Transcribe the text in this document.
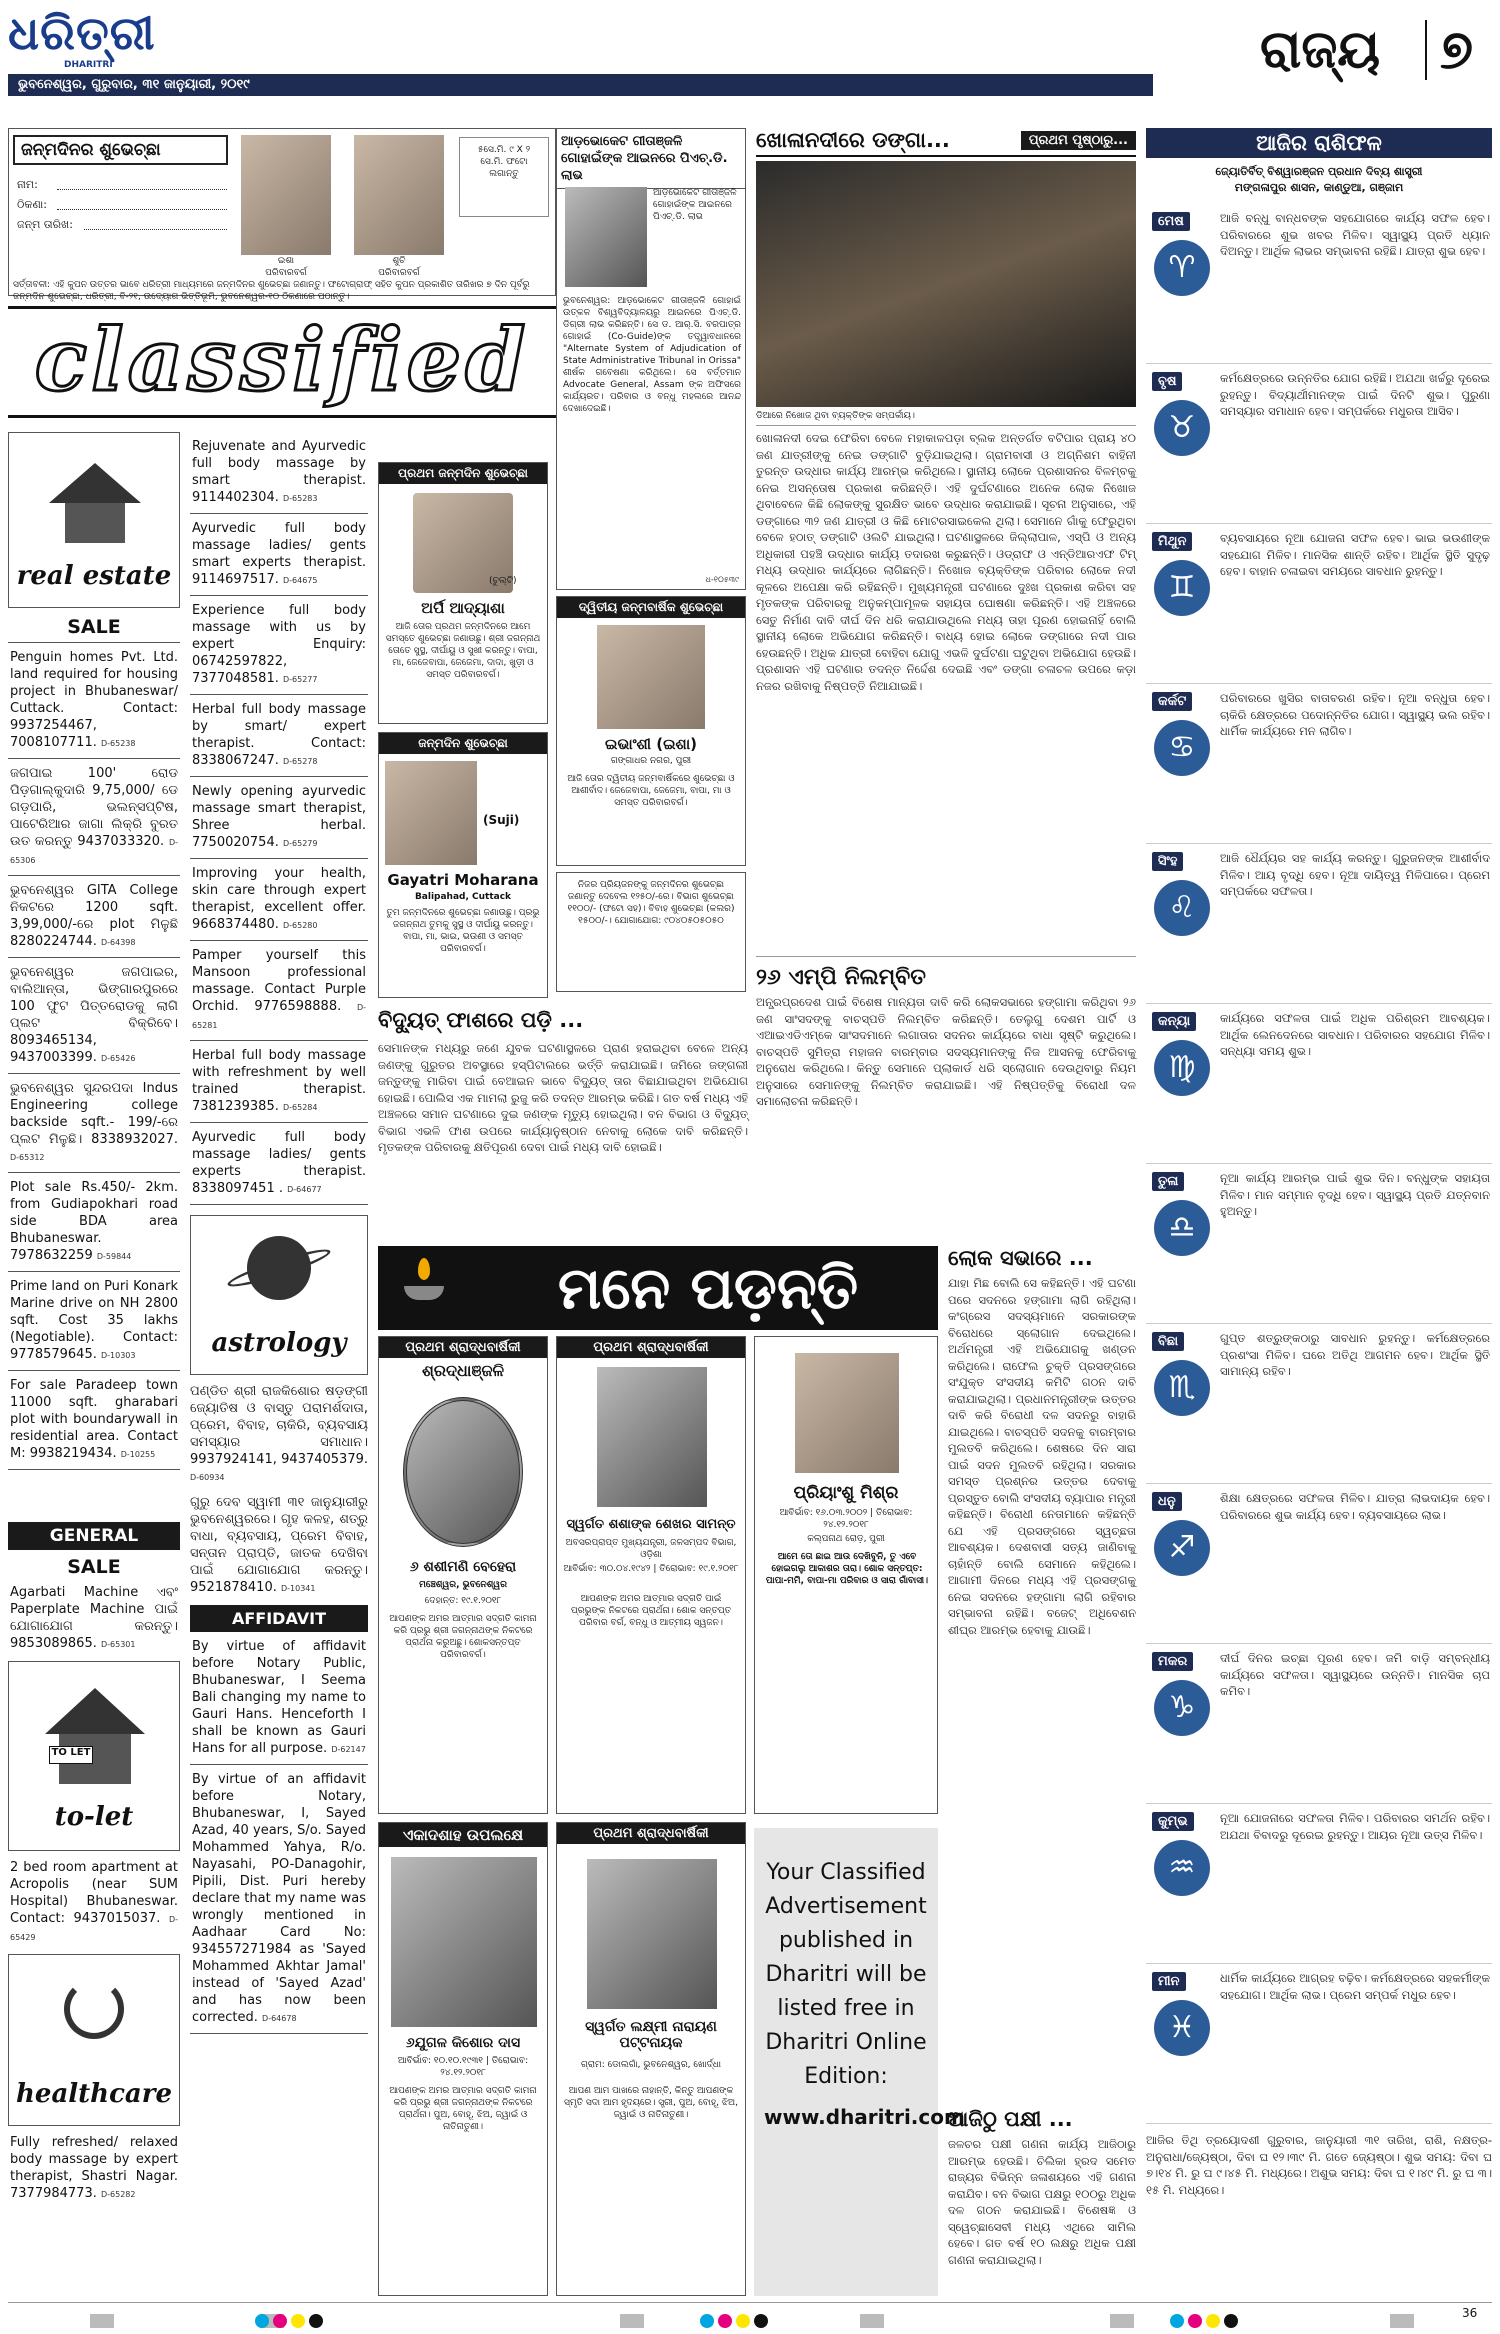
ଧରିତ୍ରୀ
DHARITRI
ଭୁବନେଶ୍ୱର, ଗୁରୁବାର, ୩୧ ଜାନୁୟାରୀ, ୨୦୧୯
ରାଜ୍ୟ ୭
ଜନ୍ମଦିନର ଶୁଭେଚ୍ଛା
ନାମ:
ଠିକଣା:
ଜନ୍ମ ତାରିଖ:
ଇଶା
ପରିବାରବର୍ଗ
ଶୁଚି
ପରିବାରବର୍ଗ
୫ସେ.ମି. ୯ X ୨ ସେ.ମି. ଫଟୋ ଲଗାନ୍ତୁ
ସର୍ତ୍ତାବଳୀ: ଏହି କୁପନ ଉତ୍ତର ଭାବେ ଧରିତ୍ରୀ ମାଧ୍ୟମରେ ଜନ୍ମଦିନର ଶୁଭେଚ୍ଛା ଜଣାନ୍ତୁ। ଫଟୋଗ୍ରାଫ୍ ସହିତ କୁପନ ପ୍ରକାଶିତ ତାରିଖର ୭ ଦିନ ପୂର୍ବରୁ ଜନ୍ମଦିନ ଶୁଭେଚ୍ଛା, ଧରିତ୍ରୀ, ବି-୨୧, ଉଦ୍ୟୋଗ ଭିତ୍ତିଭୂମି, ଭୁବନେଶ୍ୱର-୧୦ ଠିକଣାରେ ପଠାନ୍ତୁ।
classified
real estate
SALE
Penguin homes Pvt. Ltd. land required for housing project in Bhubaneswar/ Cuttack. Contact: 9937254467, 7008107711. D-65238
ଜଗପାଇ 100' ରୋଡ ପିଡ଼ଗାଲ୍କୁଦାରି 9,75,000/ ଡେ ଗଡ଼ପାରି, ଭଲନ୍ସପ୍ଟିଷ, ପାଟେରିଆର ଜାଗା ଲିକ୍ରି ବୁରତ ଉତ କରନ୍ତୁ 9437033320. D-65306
ଭୁବନେଶ୍ୱର GITA College ନିକଟରେ 1200 sqft. 3,99,000/-ରେ plot ମିଳୁଛି 8280224744. D-64398
ଭୁବନେଶ୍ୱର ଜଗପାଇର, ବାଲିଆନ୍ତା, ଭିଙ୍ଗାରପୁରରେ 100 ଫୁଟ ପିତ୍ତରୋଡକୁ ଲାଗି ପ୍ଲଟ ବିକ୍ରିବେ। 8093465134, 9437003399. D-65426
ଭୁବନେଶ୍ୱର ସୁନ୍ଦରପଦା Indus Engineering college backside sqft.- 199/-ରେ ପ୍ଲଟ ମିଳୁଛି। 8338932027. D-65312
Plot sale Rs.450/- 2km. from Gudiapokhari road side BDA area Bhubaneswar. 7978632259 D-59844
Prime land on Puri Konark Marine drive on NH 2800 sqft. Cost 35 lakhs (Negotiable). Contact: 9778579645. D-10303
For sale Paradeep town 11000 sqft. gharabari plot with boundarywall in residential area. Contact M: 9938219434. D-10255
GENERAL
SALE
Agarbati Machine ଏବଂ Paperplate Machine ପାଇଁ ଯୋଗାଯୋଗ କରନ୍ତୁ। 9853089865. D-65301
TO LET
to-let
2 bed room apartment at Acropolis (near SUM Hospital) Bhubaneswar. Contact: 9437015037. D-65429
healthcare
Fully refreshed/ relaxed body massage by expert therapist, Shastri Nagar. 7377984773. D-65282
Rejuvenate and Ayurvedic full body massage by smart therapist. 9114402304. D-65283
Ayurvedic full body massage ladies/ gents smart experts therapist. 9114697517. D-64675
Experience full body massage with us by expert Enquiry: 06742597822, 7377048581. D-65277
Herbal full body massage by smart/ expert therapist. Contact: 8338067247. D-65278
Newly opening ayurvedic massage smart therapist, Shree herbal. 7750020754. D-65279
Improving your health, skin care through expert therapist, excellent offer. 9668374480. D-65280
Pamper yourself this Mansoon professional massage. Contact Purple Orchid. 9776598888. D-65281
Herbal full body massage with refreshment by well trained therapist. 7381239385. D-65284
Ayurvedic full body massage ladies/ gents experts therapist. 8338097451 . D-64677
astrology
ପଣ୍ଡିତ ଶ୍ରୀ ରାଜକିଶୋର ଷଡ଼ଙ୍ଗୀ ଜ୍ୟୋତିଷ ଓ ବାସ୍ତୁ ପରାମର୍ଶଦାତା, ପ୍ରେମ, ବିବାହ, ଚାକିରି, ବ୍ୟବସାୟ ସମସ୍ୟାର ସମାଧାନ। 9937924141, 9437405379. D-60934
ଗୁରୁ ଦେବ ସ୍ୱାମୀ ୩୧ ଜାନୁୟାରୀରୁ ଭୁବନେଶ୍ୱରରେ। ଗୃହ କଳହ, ଶତ୍ରୁ ବାଧା, ବ୍ୟବସାୟ, ପ୍ରେମ ବିବାହ, ସନ୍ତାନ ପ୍ରାପ୍ତି, ଜାତକ ଦେଖିବା ପାଇଁ ଯୋଗାଯୋଗ କରନ୍ତୁ। 9521878410. D-10341
AFFIDAVIT
By virtue of affidavit before Notary Public, Bhubaneswar, I Seema Bali changing my name to Gauri Hans. Henceforth I shall be known as Gauri Hans for all purpose. D-62147
By virtue of an affidavit before Notary, Bhubaneswar, I, Sayed Azad, 40 years, S/o. Sayed Mohammed Yahya, R/o. Nayasahi, PO-Danagohir, Pipili, Dist. Puri hereby declare that my name was wrongly mentioned in Aadhaar Card No: 934557271984 as 'Sayed Mohammed Akhtar Jamal' instead of 'Sayed Azad' and has now been corrected. D-64678
ପ୍ରଥମ ଜନ୍ମଦିନ ଶୁଭେଚ୍ଛା
(ଚୁଲ୍ଟି)
ଅର୍ପି ଆଦ୍ୟାଶା
ଆଜି ତୋର ପ୍ରଥମ ଜନ୍ମଦିନରେ ଆମେ ସମସ୍ତେ ଶୁଭେଚ୍ଛା ଜଣାଉଛୁ। ଶ୍ରୀ ଜଗନ୍ନାଥ ତୋତେ ସୁସ୍ଥ, ଦୀର୍ଘାୟୁ ଓ ସୁଖୀ କରନ୍ତୁ। ବାପା, ମା, ଜେଜେବାପା, ଜେଜେମା, ଦାଦା, ଖୁଡ଼ୀ ଓ ସମସ୍ତ ପରିବାରବର୍ଗ।
ଜନ୍ମଦିନ ଶୁଭେଚ୍ଛା
(Suji)
Gayatri Moharana
Balipahad, Cuttack
ତୁମ ଜନ୍ମଦିନରେ ଶୁଭେଚ୍ଛା ଜଣାଉଛୁ। ପ୍ରଭୁ ଜଗନ୍ନାଥ ତୁମକୁ ସୁସ୍ଥ ଓ ଦୀର୍ଘାୟୁ କରନ୍ତୁ। ବାପା, ମା, ଭାଇ, ଭଉଣୀ ଓ ସମସ୍ତ ପରିବାରବର୍ଗ।
ଆଡ଼ଭୋକେଟ ଗୀତାଞ୍ଜଳି ଗୋହାଇଁଙ୍କ ଆଇନରେ ପିଏଚ୍.ଡି. ଲାଭ
ଆଡ଼ଭୋକେଟ ଗୀତାଞ୍ଜଳି ଗୋହାଇଁଙ୍କ ଆଇନରେ ପିଏଚ୍.ଡି. ଲାଭ
ଭୁବନେଶ୍ୱର: ଆଡ଼ଭୋକେଟ ଗୀତାଞ୍ଜଳି ଗୋହାଇଁ ଉତ୍କଳ ବିଶ୍ୱବିଦ୍ୟାଳୟରୁ ଆଇନରେ ପିଏଚ୍.ଡି. ଡିଗ୍ରୀ ଲାଭ କରିଛନ୍ତି। ସେ ଡ. ଆର୍.ସି. ବରପାତ୍ର ଗୋହାଇଁ (Co-Guide)ଙ୍କ ତତ୍ତ୍ୱାବଧାନରେ "Alternate System of Adjudication of State Administrative Tribunal in Orissa" ଶୀର୍ଷକ ଗବେଷଣା କରିଥିଲେ। ସେ ବର୍ତ୍ତମାନ Advocate General, Assam ଙ୍କ ଅଫିସରେ କାର୍ଯ୍ୟରତ। ପରିବାର ଓ ବନ୍ଧୁ ମହଲରେ ଆନନ୍ଦ ଦେଖାଦେଇଛି।
ଧ-୧୦୫୩୯
ଦ୍ୱିତୀୟ ଜନ୍ମବାର୍ଷିକ ଶୁଭେଚ୍ଛା
ଇଭାଂଶୀ (ଇଶା)
ଗଙ୍ଗାଧର ନଗର, ପୁରୀ
ଆଜି ତୋର ଦ୍ୱିତୀୟ ଜନ୍ମବାର୍ଷିକରେ ଶୁଭେଚ୍ଛା ଓ ଆଶୀର୍ବାଦ। ଜେଜେବାପା, ଜେଜେମା, ବାପା, ମା ଓ ସମସ୍ତ ପରିବାରବର୍ଗ।
ନିଜର ପ୍ରିୟଜନଙ୍କୁ ଜନ୍ମଦିନର ଶୁଭେଚ୍ଛା ଜଣାନ୍ତୁ ଦେବେଲ ୧୨୫୦/-ରେ। ବିଭାଗ ଶୁଭେଚ୍ଛା ୧୧୦୦/- (ଫଟୋ ସହ)। ବିବାହ ଶୁଭେଚ୍ଛା (କଲର) ୧୫୦୦/-। ଯୋଗାଯୋଗ: ୯୦୪୦୫୦୫୦୫୦
ଖୋଳାନଦୀରେ ଡଙ୍ଗା...	ପ୍ରଥମ ପୃଷ୍ଠାରୁ...
ଡିଆରେ ନିଖୋଜ ଥିବା ବ୍ୟକ୍ତିଙ୍କ ସମ୍ପର୍କୀୟ।
ଖୋଳାନଦୀ ଦେଇ ଫେରିବା ବେଳେ ମହାକାଳପଡ଼ା ବ୍ଲକ ଅନ୍ତର୍ଗତ ବଟିପାର ପ୍ରାୟ ୪୦ ଜଣ ଯାତ୍ରୀଙ୍କୁ ନେଇ ଡଙ୍ଗାଟି ବୁଡ଼ିଯାଇଥିଲା। ଗ୍ରାମବାସୀ ଓ ଅଗ୍ନିଶମ ବାହିନୀ ତୁରନ୍ତ ଉଦ୍ଧାର କାର୍ଯ୍ୟ ଆରମ୍ଭ କରିଥିଲେ। ସ୍ଥାନୀୟ ଲୋକେ ପ୍ରଶାସନର ବିଳମ୍ବକୁ ନେଇ ଅସନ୍ତୋଷ ପ୍ରକାଶ କରିଛନ୍ତି। ଏହି ଦୁର୍ଘଟଣାରେ ଅନେକ ଲୋକ ନିଖୋଜ ଥିବାବେଳେ କିଛି ଲୋକଙ୍କୁ ସୁରକ୍ଷିତ ଭାବେ ଉଦ୍ଧାର କରାଯାଇଛି। ସୂଚନା ଅନୁସାରେ, ଏହି ଡଙ୍ଗାରେ ୩୨ ଜଣ ଯାତ୍ରୀ ଓ କିଛି ମୋଟରସାଇକେଲ ଥିଲା। ସେମାନେ ଗାଁକୁ ଫେରୁଥିବା ବେଳେ ହଠାତ୍ ଡଙ୍ଗାଟି ଓଲଟି ଯାଇଥିଲା। ଘଟଣାସ୍ଥଳରେ ଜିଲ୍ଲାପାଳ, ଏସ୍ପି ଓ ଅନ୍ୟ ଅଧିକାରୀ ପହଞ୍ଚି ଉଦ୍ଧାର କାର୍ଯ୍ୟ ତଦାରଖ କରୁଛନ୍ତି। ଓଡ୍ରାଫ ଓ ଏନ୍ଡିଆରଏଫ ଟିମ୍ ମଧ୍ୟ ଉଦ୍ଧାର କାର୍ଯ୍ୟରେ ଲାଗିଛନ୍ତି। ନିଖୋଜ ବ୍ୟକ୍ତିଙ୍କ ପରିବାର ଲୋକେ ନଦୀ କୂଳରେ ଅପେକ୍ଷା କରି ରହିଛନ୍ତି। ମୁଖ୍ୟମନ୍ତ୍ରୀ ଘଟଣାରେ ଦୁଃଖ ପ୍ରକାଶ କରିବା ସହ ମୃତକଙ୍କ ପରିବାରକୁ ଅନୁକମ୍ପାମୂଳକ ସହାୟତା ଘୋଷଣା କରିଛନ୍ତି। ଏହି ଅଞ୍ଚଳରେ ସେତୁ ନିର୍ମାଣ ଦାବି ଦୀର୍ଘ ଦିନ ଧରି କରାଯାଉଥିଲେ ମଧ୍ୟ ତାହା ପୂରଣ ହୋଇନାହିଁ ବୋଲି ସ୍ଥାନୀୟ ଲୋକେ ଅଭିଯୋଗ କରିଛନ୍ତି। ବାଧ୍ୟ ହୋଇ ଲୋକେ ଡଙ୍ଗାରେ ନଦୀ ପାର ହେଉଛନ୍ତି। ଅଧିକ ଯାତ୍ରୀ ବୋହିବା ଯୋଗୁ ଏଭଳି ଦୁର୍ଘଟଣା ଘଟୁଥିବା ଅଭିଯୋଗ ହେଉଛି। ପ୍ରଶାସନ ଏହି ଘଟଣାର ତଦନ୍ତ ନିର୍ଦ୍ଦେଶ ଦେଇଛି ଏବଂ ଡଙ୍ଗା ଚଳାଚଳ ଉପରେ କଡ଼ା ନଜର ରଖିବାକୁ ନିଷ୍ପତ୍ତି ନିଆଯାଇଛି।
୨୬ ଏମ୍ପି ନିଲମ୍ବିତ
ଅନ୍ଧ୍ରପ୍ରଦେଶ ପାଇଁ ବିଶେଷ ମାନ୍ୟତା ଦାବି କରି ଲୋକସଭାରେ ହଙ୍ଗାମା କରିଥିବା ୨୬ ଜଣ ସାଂସଦଙ୍କୁ ବାଚସ୍ପତି ନିଲମ୍ବିତ କରିଛନ୍ତି। ତେଲୁଗୁ ଦେଶମ ପାର୍ଟି ଓ ଏଆଇଏଡିଏମ୍କେ ସାଂସଦମାନେ ଲଗାତାର ସଦନର କାର୍ଯ୍ୟରେ ବାଧା ସୃଷ୍ଟି କରୁଥିଲେ। ବାଚସ୍ପତି ସୁମିତ୍ରା ମହାଜନ ବାରମ୍ବାର ସଦସ୍ୟମାନଙ୍କୁ ନିଜ ଆସନକୁ ଫେରିବାକୁ ଅନୁରୋଧ କରିଥିଲେ। କିନ୍ତୁ ସେମାନେ ପ୍ଲାକାର୍ଡ ଧରି ସ୍ଲୋଗାନ ଦେଉଥିବାରୁ ନିୟମ ଅନୁସାରେ ସେମାନଙ୍କୁ ନିଲମ୍ବିତ କରାଯାଇଛି। ଏହି ନିଷ୍ପତ୍ତିକୁ ବିରୋଧୀ ଦଳ ସମାଲୋଚନା କରିଛନ୍ତି।
ବିଦ୍ୟୁତ୍ ଫାଶରେ ପଡ଼ି ...
ସେମାନଙ୍କ ମଧ୍ୟରୁ ଜଣେ ଯୁବକ ଘଟଣାସ୍ଥଳରେ ପ୍ରାଣ ହରାଇଥିବା ବେଳେ ଅନ୍ୟ ଜଣଙ୍କୁ ଗୁରୁତର ଅବସ୍ଥାରେ ହସ୍ପିଟାଲରେ ଭର୍ତ୍ତି କରାଯାଇଛି। ଜମିରେ ଜଙ୍ଗଲୀ ଜନ୍ତୁଙ୍କୁ ମାରିବା ପାଇଁ ବେଆଇନ ଭାବେ ବିଦ୍ୟୁତ୍ ତାର ବିଛାଯାଇଥିବା ଅଭିଯୋଗ ହୋଇଛି। ପୋଲିସ ଏକ ମାମଲା ରୁଜୁ କରି ତଦନ୍ତ ଆରମ୍ଭ କରିଛି। ଗତ ବର୍ଷ ମଧ୍ୟ ଏହି ଅଞ୍ଚଳରେ ସମାନ ଘଟଣାରେ ଦୁଇ ଜଣଙ୍କ ମୃତ୍ୟୁ ହୋଇଥିଲା। ବନ ବିଭାଗ ଓ ବିଦ୍ୟୁତ୍ ବିଭାଗ ଏଭଳି ଫାଶ ଉପରେ କାର୍ଯ୍ୟାନୁଷ୍ଠାନ ନେବାକୁ ଲୋକେ ଦାବି କରିଛନ୍ତି। ମୃତକଙ୍କ ପରିବାରକୁ କ୍ଷତିପୂରଣ ଦେବା ପାଇଁ ମଧ୍ୟ ଦାବି ହୋଇଛି।
ମନେ ପଡ଼ନ୍ତି
ପ୍ରଥମ ଶ୍ରାଦ୍ଧବାର୍ଷିକୀ
ଶ୍ରଦ୍ଧାଞ୍ଜଳି
୬ ଶଶୀମଣି ବେହେରା
ମଞ୍ଚେଶ୍ୱର, ଭୁବନେଶ୍ୱର
ଦେହାନ୍ତ: ୧୯.୧.୨୦୧୮
ଆପଣଙ୍କ ଅମର ଆତ୍ମାର ସଦ୍ଗତି କାମନା କରି ପ୍ରଭୁ ଶ୍ରୀ ଜଗନ୍ନାଥଙ୍କ ନିକଟରେ ପ୍ରାର୍ଥନା କରୁଅଛୁ। ଶୋକସନ୍ତପ୍ତ ପରିବାରବର୍ଗ।
ପ୍ରଥମ ଶ୍ରାଦ୍ଧବାର୍ଷିକୀ
ସ୍ୱର୍ଗତ ଶଶାଙ୍କ ଶେଖର ସାମନ୍ତ
ଅବସରପ୍ରାପ୍ତ ମୁଖ୍ୟଯନ୍ତ୍ରୀ, ଜଳସମ୍ପଦ ବିଭାଗ, ଓଡ଼ିଶା
ଆବିର୍ଭାବ: ୩୦.୦୪.୧୯୪୨ | ତିରୋଭାବ: ୧୯.୧.୨୦୧୮
ଆପଣଙ୍କ ଅମର ଆତ୍ମାର ସଦ୍ଗତି ପାଇଁ ପ୍ରଭୁଙ୍କ ନିକଟରେ ପ୍ରାର୍ଥନା। ଶୋକ ସନ୍ତପ୍ତ ପରିବାର ବର୍ଗ, ବନ୍ଧୁ ଓ ଆତ୍ମୀୟ ସ୍ୱଜନ।
ପ୍ରିୟାଂଶୁ ମିଶ୍ର
ଆବିର୍ଭାବ: ୧୬.୦୩.୨୦୦୨ | ତିରୋଭାବ: ୨୪.୧୨.୨୦୧୮
କଲ୍ପନାଥ ରୋଡ଼, ପୁରୀ
ଆମେ ତୋ ଛାଇ ଆଉ ଦେଖିବୁନି, ତୁ ଏବେ ହୋଇଗଲୁ ଆକାଶର ତାରା। ଶୋକ ସନ୍ତପ୍ତ: ପାପା-ମମି, ବାପା-ମା ପରିବାର ଓ ସାରା ଗାଁବାସୀ।
ଏକାଦଶାହ ଉପଲକ୍ଷେ
୬ଯୁଗଳ କିଶୋର ଦାସ
ଆବିର୍ଭାବ: ୧୦.୧୦.୧୯୩୧ | ତିରୋଭାବ: ୨୪.୧୨.୨୦୧୮
ଆପଣଙ୍କ ଅମର ଆତ୍ମାର ସଦ୍ଗତି କାମନା କରି ପ୍ରଭୁ ଶ୍ରୀ ଜଗନ୍ନାଥଙ୍କ ନିକଟରେ ପ୍ରାର୍ଥନା। ପୁଅ, ବୋହୂ, ଝିଅ, ଜ୍ୱାଇଁ ଓ ନାତିନାତୁଣୀ।
ପ୍ରଥମ ଶ୍ରାଦ୍ଧବାର୍ଷିକୀ
ସ୍ୱର୍ଗତ ଲକ୍ଷ୍ମୀ ନାରାୟଣ ପଟ୍ଟନାୟକ
ଗ୍ରାମ: ଡୋଲଗାଁ, ଭୁବନେଶ୍ୱର, ଖୋର୍ଦ୍ଧା
ଆପଣ ଆମ ପାଖରେ ନାହାନ୍ତି, କିନ୍ତୁ ଆପଣଙ୍କ ସ୍ମୃତି ସଦା ଆମ ହୃଦୟରେ। ସ୍ତ୍ରୀ, ପୁଅ, ବୋହୂ, ଝିଅ, ଜ୍ୱାଇଁ ଓ ନାତିନାତୁଣୀ।
Your Classified Advertisement published in Dharitri will be listed free in Dharitri Online Edition:
www.dharitri.com
ଲୋକ ସଭାରେ ...
ଯାହା ମିଛ ବୋଲି ସେ କହିଛନ୍ତି। ଏହି ଘଟଣା ପରେ ସଦନରେ ହଙ୍ଗାମା ଲାଗି ରହିଥିଲା। କଂଗ୍ରେସ ସଦସ୍ୟମାନେ ସରକାରଙ୍କ ବିରୋଧରେ ସ୍ଲୋଗାନ ଦେଇଥିଲେ। ଅର୍ଥମନ୍ତ୍ରୀ ଏହି ଅଭିଯୋଗକୁ ଖଣ୍ଡନ କରିଥିଲେ। ରାଫେଲ ଚୁକ୍ତି ପ୍ରସଙ୍ଗରେ ସଂଯୁକ୍ତ ସଂସଦୀୟ କମିଟି ଗଠନ ଦାବି କରାଯାଇଥିଲା। ପ୍ରଧାନମନ୍ତ୍ରୀଙ୍କ ଉତ୍ତର ଦାବି କରି ବିରୋଧୀ ଦଳ ସଦନରୁ ବାହାରି ଯାଇଥିଲେ। ବାଚସ୍ପତି ସଦନକୁ ବାରମ୍ବାର ମୁଲତବି କରିଥିଲେ। ଶେଷରେ ଦିନ ସାରା ପାଇଁ ସଦନ ମୁଲତବି ରହିଥିଲା। ସରକାର ସମସ୍ତ ପ୍ରଶ୍ନର ଉତ୍ତର ଦେବାକୁ ପ୍ରସ୍ତୁତ ବୋଲି ସଂସଦୀୟ ବ୍ୟାପାର ମନ୍ତ୍ରୀ କହିଛନ୍ତି। ବିରୋଧୀ ନେତାମାନେ କହିଛନ୍ତି ଯେ ଏହି ପ୍ରସଙ୍ଗରେ ସ୍ୱଚ୍ଛତା ଆବଶ୍ୟକ। ଦେଶବାସୀ ସତ୍ୟ ଜାଣିବାକୁ ଚାହାଁନ୍ତି ବୋଲି ସେମାନେ କହିଥିଲେ। ଆଗାମୀ ଦିନରେ ମଧ୍ୟ ଏହି ପ୍ରସଙ୍ଗକୁ ନେଇ ସଦନରେ ହଙ୍ଗାମା ଲାଗି ରହିବାର ସମ୍ଭାବନା ରହିଛି। ବଜେଟ୍ ଅଧିବେଶନ ଶୀଘ୍ର ଆରମ୍ଭ ହେବାକୁ ଯାଉଛି।
ଆଜିଠୁ ପକ୍ଷୀ ...
ଜଳଚର ପକ୍ଷୀ ଗଣନା କାର୍ଯ୍ୟ ଆଜିଠାରୁ ଆରମ୍ଭ ହେଉଛି। ଚିଲିକା ହ୍ରଦ ସମେତ ରାଜ୍ୟର ବିଭିନ୍ନ ଜଳାଶୟରେ ଏହି ଗଣନା କରାଯିବ। ବନ ବିଭାଗ ପକ୍ଷରୁ ୧୦୦ରୁ ଅଧିକ ଦଳ ଗଠନ କରାଯାଇଛି। ବିଶେଷଜ୍ଞ ଓ ସ୍ୱେଚ୍ଛାସେବୀ ମଧ୍ୟ ଏଥିରେ ସାମିଲ ହେବେ। ଗତ ବର୍ଷ ୧୦ ଲକ୍ଷରୁ ଅଧିକ ପକ୍ଷୀ ଗଣନା କରାଯାଇଥିଲା।
ଆଜିର ରାଶିଫଳ
ଜ୍ୟୋତିର୍ବିତ୍ ବିଶ୍ୱାରଞ୍ଜନ ପ୍ରଧାନ ଦିବ୍ୟ ଶାସ୍ତ୍ରୀ
ମଙ୍ଗଳାପୁର ଶାସନ, କାଣ୍ଡୁଆ, ଗଞ୍ଜାମ
ମେଷ
♈
ଆଜି ବନ୍ଧୁ ବାନ୍ଧବଙ୍କ ସହଯୋଗରେ କାର୍ଯ୍ୟ ସଫଳ ହେବ। ପରିବାରରେ ଶୁଭ ଖବର ମିଳିବ। ସ୍ୱାସ୍ଥ୍ୟ ପ୍ରତି ଧ୍ୟାନ ଦିଅନ୍ତୁ। ଆର୍ଥିକ ଲାଭର ସମ୍ଭାବନା ରହିଛି। ଯାତ୍ରା ଶୁଭ ହେବ।
ବୃଷ
♉
କର୍ମକ୍ଷେତ୍ରରେ ଉନ୍ନତିର ଯୋଗ ରହିଛି। ଅଯଥା ଖର୍ଚ୍ଚରୁ ଦୂରେଇ ରୁହନ୍ତୁ। ବିଦ୍ୟାର୍ଥୀମାନଙ୍କ ପାଇଁ ଦିନଟି ଶୁଭ। ପୁରୁଣା ସମସ୍ୟାର ସମାଧାନ ହେବ। ସମ୍ପର୍କରେ ମଧୁରତା ଆସିବ।
ମିଥୁନ
♊
ବ୍ୟବସାୟରେ ନୂଆ ଯୋଜନା ସଫଳ ହେବ। ଭାଇ ଭଉଣୀଙ୍କ ସହଯୋଗ ମିଳିବ। ମାନସିକ ଶାନ୍ତି ରହିବ। ଆର୍ଥିକ ସ୍ଥିତି ସୁଦୃଢ଼ ହେବ। ବାହାନ ଚଳାଇବା ସମୟରେ ସାବଧାନ ରୁହନ୍ତୁ।
କର୍କଟ
♋
ପରିବାରରେ ଖୁସିର ବାତାବରଣ ରହିବ। ନୂଆ ବନ୍ଧୁତା ହେବ। ଚାକିରି କ୍ଷେତ୍ରରେ ପଦୋନ୍ନତିର ଯୋଗ। ସ୍ୱାସ୍ଥ୍ୟ ଭଲ ରହିବ। ଧାର୍ମିକ କାର୍ଯ୍ୟରେ ମନ ଲାଗିବ।
ସିଂହ
♌
ଆଜି ଧୈର୍ଯ୍ୟର ସହ କାର୍ଯ୍ୟ କରନ୍ତୁ। ଗୁରୁଜନଙ୍କ ଆଶୀର୍ବାଦ ମିଳିବ। ଆୟ ବୃଦ୍ଧି ହେବ। ନୂଆ ଦାୟିତ୍ୱ ମିଳିପାରେ। ପ୍ରେମ ସମ୍ପର୍କରେ ସଫଳତା।
କନ୍ୟା
♍
କାର୍ଯ୍ୟରେ ସଫଳତା ପାଇଁ ଅଧିକ ପରିଶ୍ରମ ଆବଶ୍ୟକ। ଆର୍ଥିକ ଲେନଦେନରେ ସାବଧାନ। ପରିବାରର ସହଯୋଗ ମିଳିବ। ସନ୍ଧ୍ୟା ସମୟ ଶୁଭ।
ତୁଳା
♎
ନୂଆ କାର୍ଯ୍ୟ ଆରମ୍ଭ ପାଇଁ ଶୁଭ ଦିନ। ବନ୍ଧୁଙ୍କ ସହାୟତା ମିଳିବ। ମାନ ସମ୍ମାନ ବୃଦ୍ଧି ହେବ। ସ୍ୱାସ୍ଥ୍ୟ ପ୍ରତି ଯତ୍ନବାନ ହୁଅନ୍ତୁ।
ବିଛା
♏
ଗୁପ୍ତ ଶତ୍ରୁଙ୍କଠାରୁ ସାବଧାନ ରୁହନ୍ତୁ। କର୍ମକ୍ଷେତ୍ରରେ ପ୍ରଶଂସା ମିଳିବ। ଘରେ ଅତିଥି ଆଗମନ ହେବ। ଆର୍ଥିକ ସ୍ଥିତି ସାମାନ୍ୟ ରହିବ।
ଧନୁ
♐
ଶିକ୍ଷା କ୍ଷେତ୍ରରେ ସଫଳତା ମିଳିବ। ଯାତ୍ରା ଲାଭଦାୟକ ହେବ। ପରିବାରରେ ଶୁଭ କାର୍ଯ୍ୟ ହେବ। ବ୍ୟବସାୟରେ ଲାଭ।
ମକର
♑
ଦୀର୍ଘ ଦିନର ଇଚ୍ଛା ପୂରଣ ହେବ। ଜମି ବାଡ଼ି ସମ୍ବନ୍ଧୀୟ କାର୍ଯ୍ୟରେ ସଫଳତା। ସ୍ୱାସ୍ଥ୍ୟରେ ଉନ୍ନତି। ମାନସିକ ଚାପ କମିବ।
କୁମ୍ଭ
♒
ନୂଆ ଯୋଜନାରେ ସଫଳତା ମିଳିବ। ପରିବାରର ସମର୍ଥନ ରହିବ। ଅଯଥା ବିବାଦରୁ ଦୂରେଇ ରୁହନ୍ତୁ। ଆୟର ନୂଆ ଉତ୍ସ ମିଳିବ।
ମୀନ
♓
ଧାର୍ମିକ କାର୍ଯ୍ୟରେ ଆଗ୍ରହ ବଢ଼ିବ। କର୍ମକ୍ଷେତ୍ରରେ ସହକର୍ମୀଙ୍କ ସହଯୋଗ। ଆର୍ଥିକ ଲାଭ। ପ୍ରେମ ସମ୍ପର୍କ ମଧୁର ହେବ।
ଆଜିର ତିଥି ତ୍ରୟୋଦଶୀ ଗୁରୁବାର, ଜାନୁୟାରୀ ୩୧ ତାରିଖ, ରାଶି, ନକ୍ଷତ୍ର-ଅନୁରାଧା/ଜ୍ୟେଷ୍ଠା, ଦିବା ଘ ୧୨।୩୯ ମି. ଗତେ ଜ୍ୟେଷ୍ଠା। ଶୁଭ ସମୟ: ଦିବା ଘ ୭।୧୪ ମି. ରୁ ଘ ୯।୪୫ ମି. ମଧ୍ୟରେ। ଅଶୁଭ ସମୟ: ଦିବା ଘ ୧।୪୯ ମି. ରୁ ଘ ୩।୧୫ ମି. ମଧ୍ୟରେ।
36
